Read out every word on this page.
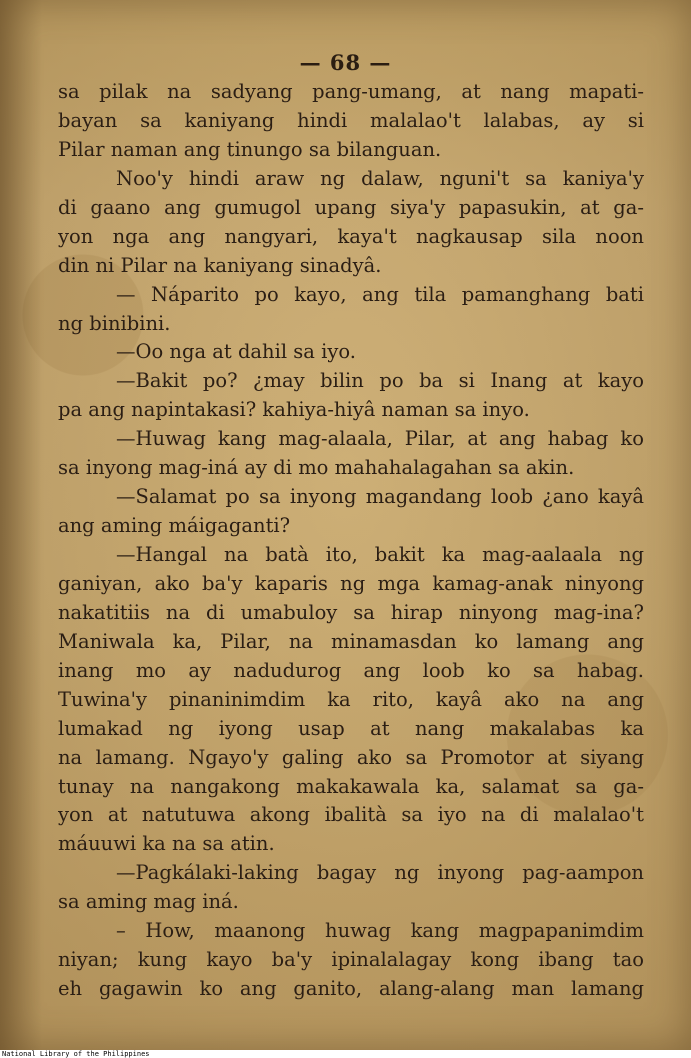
— 68 —
sa pilak na sadyang pang-umang, at nang mapati-
bayan sa kaniyang hindi malalao't lalabas, ay si
Pilar naman ang tinungo sa bilanguan.
Noo'y hindi araw ng dalaw, nguni't sa kaniya'y
di gaano ang gumugol upang siya'y papasukin, at ga-
yon nga ang nangyari, kaya't nagkausap sila noon
din ni Pilar na kaniyang sinadyâ.
— Náparito po kayo, ang tila pamanghang bati
ng binibini.
—Oo nga at dahil sa iyo.
—Bakit po? ¿may bilin po ba si Inang at kayo
pa ang napintakasi? kahiya-hiyâ naman sa inyo.
—Huwag kang mag-alaala, Pilar, at ang habag ko
sa inyong mag-iná ay di mo mahahalagahan sa akin.
—Salamat po sa inyong magandang loob ¿ano kayâ
ang aming máigaganti?
—Hangal na batà ito, bakit ka mag-aalaala ng
ganiyan, ako ba'y kaparis ng mga kamag-anak ninyong
nakatitiis na di umabuloy sa hirap ninyong mag-ina?
Maniwala ka, Pilar, na minamasdan ko lamang ang
inang mo ay nadudurog ang loob ko sa habag.
Tuwina'y pinaninimdim ka rito, kayâ ako na ang
lumakad ng iyong usap at nang makalabas ka
na lamang. Ngayo'y galing ako sa Promotor at siyang
tunay na nangakong makakawala ka, salamat sa ga-
yon at natutuwa akong ibalità sa iyo na di malalao't
máuuwi ka na sa atin.
—Pagkálaki-laking bagay ng inyong pag-aampon
sa aming mag iná.
– How, maanong huwag kang magpapanimdim
niyan; kung kayo ba'y ipinalalagay kong ibang tao
eh gagawin ko ang ganito, alang-alang man lamang
National Library of the Philippines
